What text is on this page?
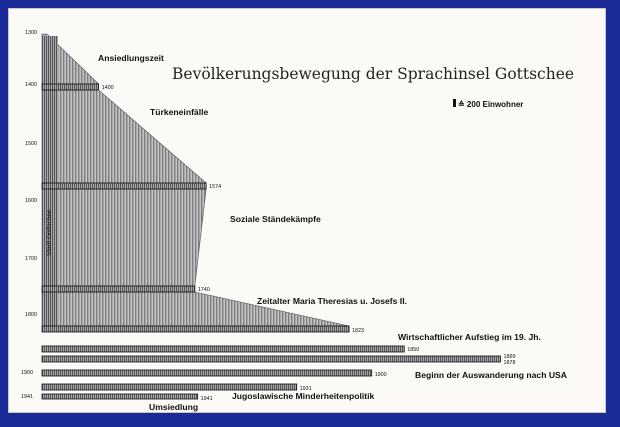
1400
1574
1740
1823
1850
1869
1878
1900
1931
1941
1300
1400
1500
1600
1700
1800
1900
1941
Bevölkerungsbewegung der Sprachinsel Gottschee
≙ 200 Einwohner
Ansiedlungszeit
Türkeneinfälle
Soziale Ständekämpfe
Zeitalter Maria Theresias u. Josefs II.
Wirtschaftlicher Aufstieg im 19. Jh.
Beginn der Auswanderung nach USA
Jugoslawische Minderheitenpolitik
Umsiedlung
Stadt Gottschee
